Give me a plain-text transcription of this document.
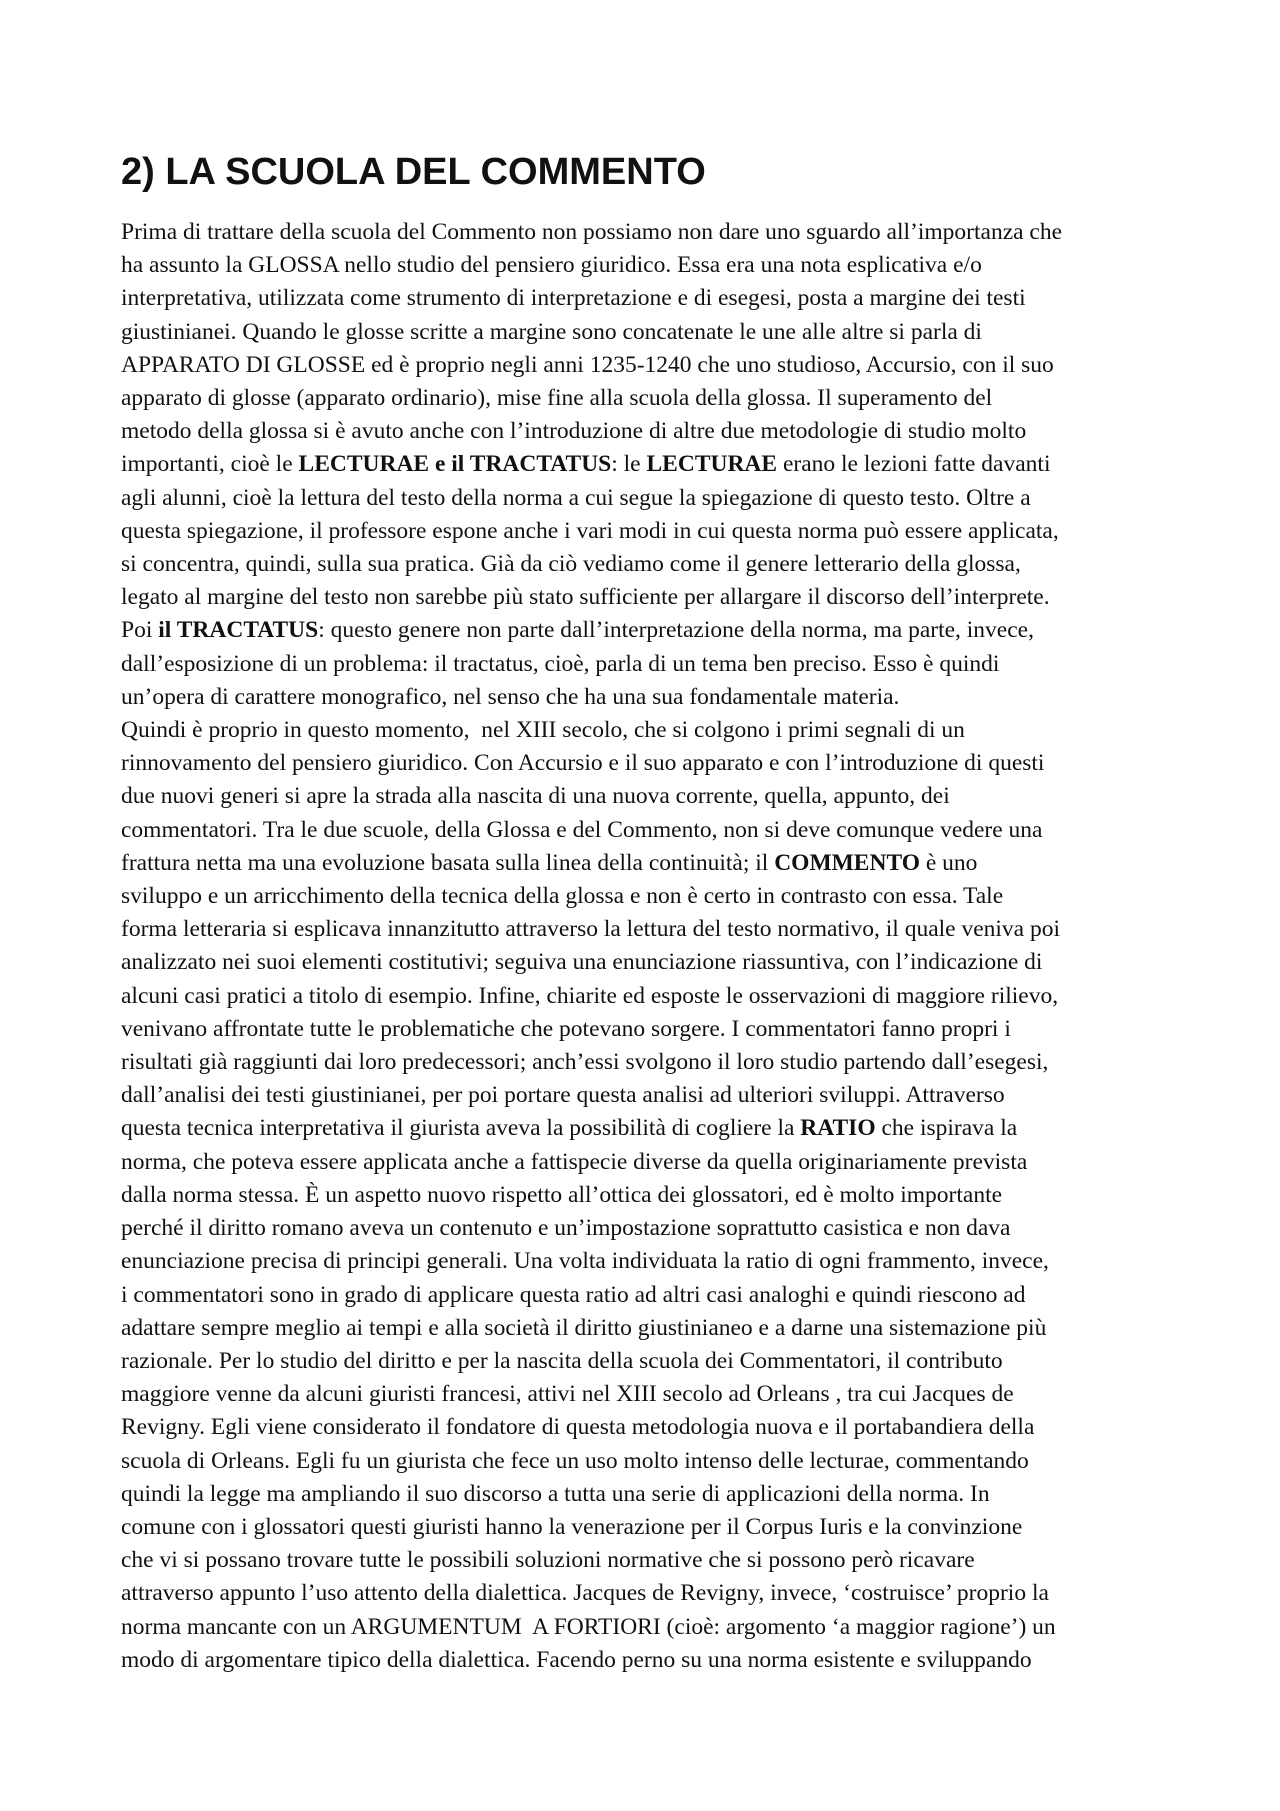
2) LA SCUOLA DEL COMMENTO

Prima di trattare della scuola del Commento non possiamo non dare uno sguardo all’importanza che
ha assunto la GLOSSA nello studio del pensiero giuridico. Essa era una nota esplicativa e/o
interpretativa, utilizzata come strumento di interpretazione e di esegesi, posta a margine dei testi
giustinianei. Quando le glosse scritte a margine sono concatenate le une alle altre si parla di
APPARATO DI GLOSSE ed è proprio negli anni 1235-1240 che uno studioso, Accursio, con il suo
apparato di glosse (apparato ordinario), mise fine alla scuola della glossa. Il superamento del
metodo della glossa si è avuto anche con l’introduzione di altre due metodologie di studio molto
importanti, cioè le LECTURAE e il TRACTATUS: le LECTURAE erano le lezioni fatte davanti
agli alunni, cioè la lettura del testo della norma a cui segue la spiegazione di questo testo. Oltre a
questa spiegazione, il professore espone anche i vari modi in cui questa norma può essere applicata,
si concentra, quindi, sulla sua pratica. Già da ciò vediamo come il genere letterario della glossa,
legato al margine del testo non sarebbe più stato sufficiente per allargare il discorso dell’interprete.
Poi il TRACTATUS: questo genere non parte dall’interpretazione della norma, ma parte, invece,
dall’esposizione di un problema: il tractatus, cioè, parla di un tema ben preciso. Esso è quindi
un’opera di carattere monografico, nel senso che ha una sua fondamentale materia.

Quindi è proprio in questo momento,  nel XIII secolo, che si colgono i primi segnali di un
rinnovamento del pensiero giuridico. Con Accursio e il suo apparato e con l’introduzione di questi
due nuovi generi si apre la strada alla nascita di una nuova corrente, quella, appunto, dei
commentatori. Tra le due scuole, della Glossa e del Commento, non si deve comunque vedere una
frattura netta ma una evoluzione basata sulla linea della continuità; il COMMENTO è uno
sviluppo e un arricchimento della tecnica della glossa e non è certo in contrasto con essa. Tale
forma letteraria si esplicava innanzitutto attraverso la lettura del testo normativo, il quale veniva poi
analizzato nei suoi elementi costitutivi; seguiva una enunciazione riassuntiva, con l’indicazione di
alcuni casi pratici a titolo di esempio. Infine, chiarite ed esposte le osservazioni di maggiore rilievo,
venivano affrontate tutte le problematiche che potevano sorgere. I commentatori fanno propri i
risultati già raggiunti dai loro predecessori; anch’essi svolgono il loro studio partendo dall’esegesi,
dall’analisi dei testi giustinianei, per poi portare questa analisi ad ulteriori sviluppi. Attraverso
questa tecnica interpretativa il giurista aveva la possibilità di cogliere la RATIO che ispirava la
norma, che poteva essere applicata anche a fattispecie diverse da quella originariamente prevista
dalla norma stessa. È un aspetto nuovo rispetto all’ottica dei glossatori, ed è molto importante
perché il diritto romano aveva un contenuto e un’impostazione soprattutto casistica e non dava
enunciazione precisa di principi generali. Una volta individuata la ratio di ogni frammento, invece,
i commentatori sono in grado di applicare questa ratio ad altri casi analoghi e quindi riescono ad
adattare sempre meglio ai tempi e alla società il diritto giustinianeo e a darne una sistemazione più
razionale. Per lo studio del diritto e per la nascita della scuola dei Commentatori, il contributo
maggiore venne da alcuni giuristi francesi, attivi nel XIII secolo ad Orleans , tra cui Jacques de
Revigny. Egli viene considerato il fondatore di questa metodologia nuova e il portabandiera della
scuola di Orleans. Egli fu un giurista che fece un uso molto intenso delle lecturae, commentando
quindi la legge ma ampliando il suo discorso a tutta una serie di applicazioni della norma. In
comune con i glossatori questi giuristi hanno la venerazione per il Corpus Iuris e la convinzione
che vi si possano trovare tutte le possibili soluzioni normative che si possono però ricavare
attraverso appunto l’uso attento della dialettica. Jacques de Revigny, invece, ‘costruisce’ proprio la
norma mancante con un ARGUMENTUM  A FORTIORI (cioè: argomento ‘a maggior ragione’) un
modo di argomentare tipico della dialettica. Facendo perno su una norma esistente e sviluppando
